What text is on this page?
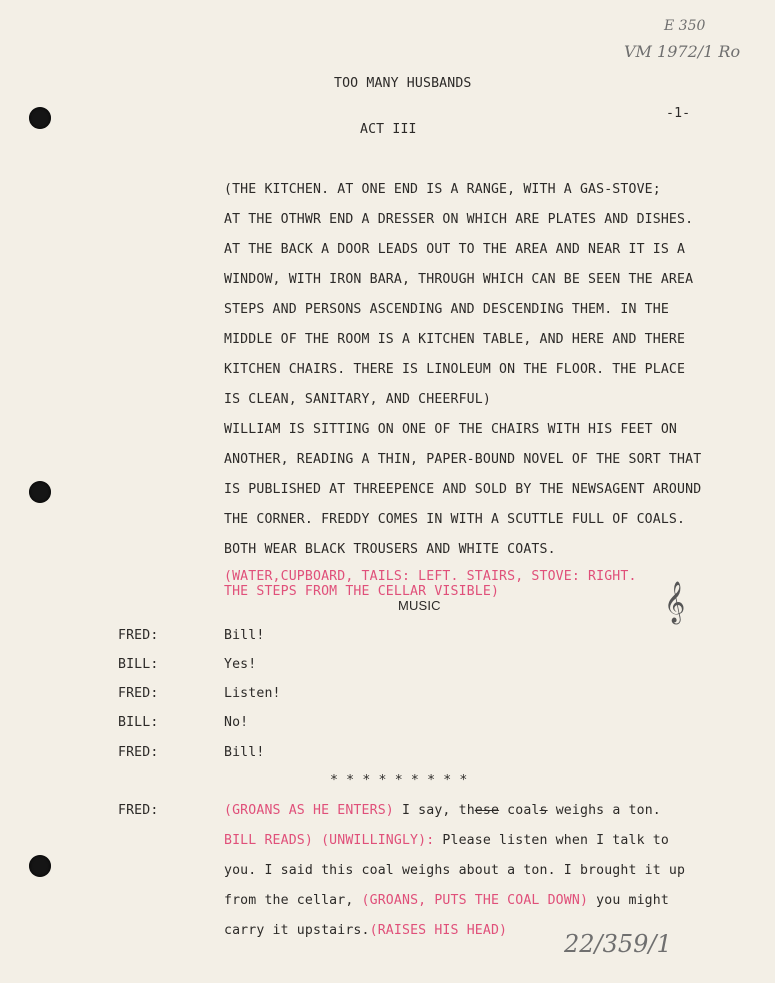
E 350
VM 1972/1 Ro
22/359/1
𝄞
TOO MANY HUSBANDS
-1-
ACT III
(THE KITCHEN. AT ONE END IS A RANGE, WITH A GAS-STOVE;
AT THE OTHWR END A DRESSER ON WHICH ARE PLATES AND DISHES.
AT THE BACK A DOOR LEADS OUT TO THE AREA AND NEAR IT IS A
WINDOW, WITH IRON BARA, THROUGH WHICH CAN BE SEEN THE AREA
STEPS AND PERSONS ASCENDING AND DESCENDING THEM. IN THE
MIDDLE OF THE ROOM IS A KITCHEN TABLE, AND HERE AND THERE
KITCHEN CHAIRS. THERE IS LINOLEUM ON THE FLOOR. THE PLACE
IS CLEAN, SANITARY, AND CHEERFUL)
WILLIAM IS SITTING ON ONE OF THE CHAIRS WITH HIS FEET ON
ANOTHER, READING A THIN, PAPER-BOUND NOVEL OF THE SORT THAT
IS PUBLISHED AT THREEPENCE AND SOLD BY THE NEWSAGENT AROUND
THE CORNER. FREDDY COMES IN WITH A SCUTTLE FULL OF COALS.
BOTH WEAR BLACK TROUSERS AND WHITE COATS.
(WATER,CUPBOARD, TAILS: LEFT. STAIRS, STOVE: RIGHT.
THE STEPS FROM THE CELLAR VISIBLE)
MUSIC
FRED:	Bill!
BILL:	Yes!
FRED:	Listen!
BILL:	No!
FRED:	Bill!
* * * * * * * * *
FRED:	(GROANS AS HE ENTERS) I say, these coals weighs a ton.
BILL READS) (UNWILLINGLY): Please listen when I talk to
you. I said this coal weighs about a ton. I brought it up
from the cellar, (GROANS, PUTS THE COAL DOWN) you might
carry it upstairs.(RAISES HIS HEAD)
